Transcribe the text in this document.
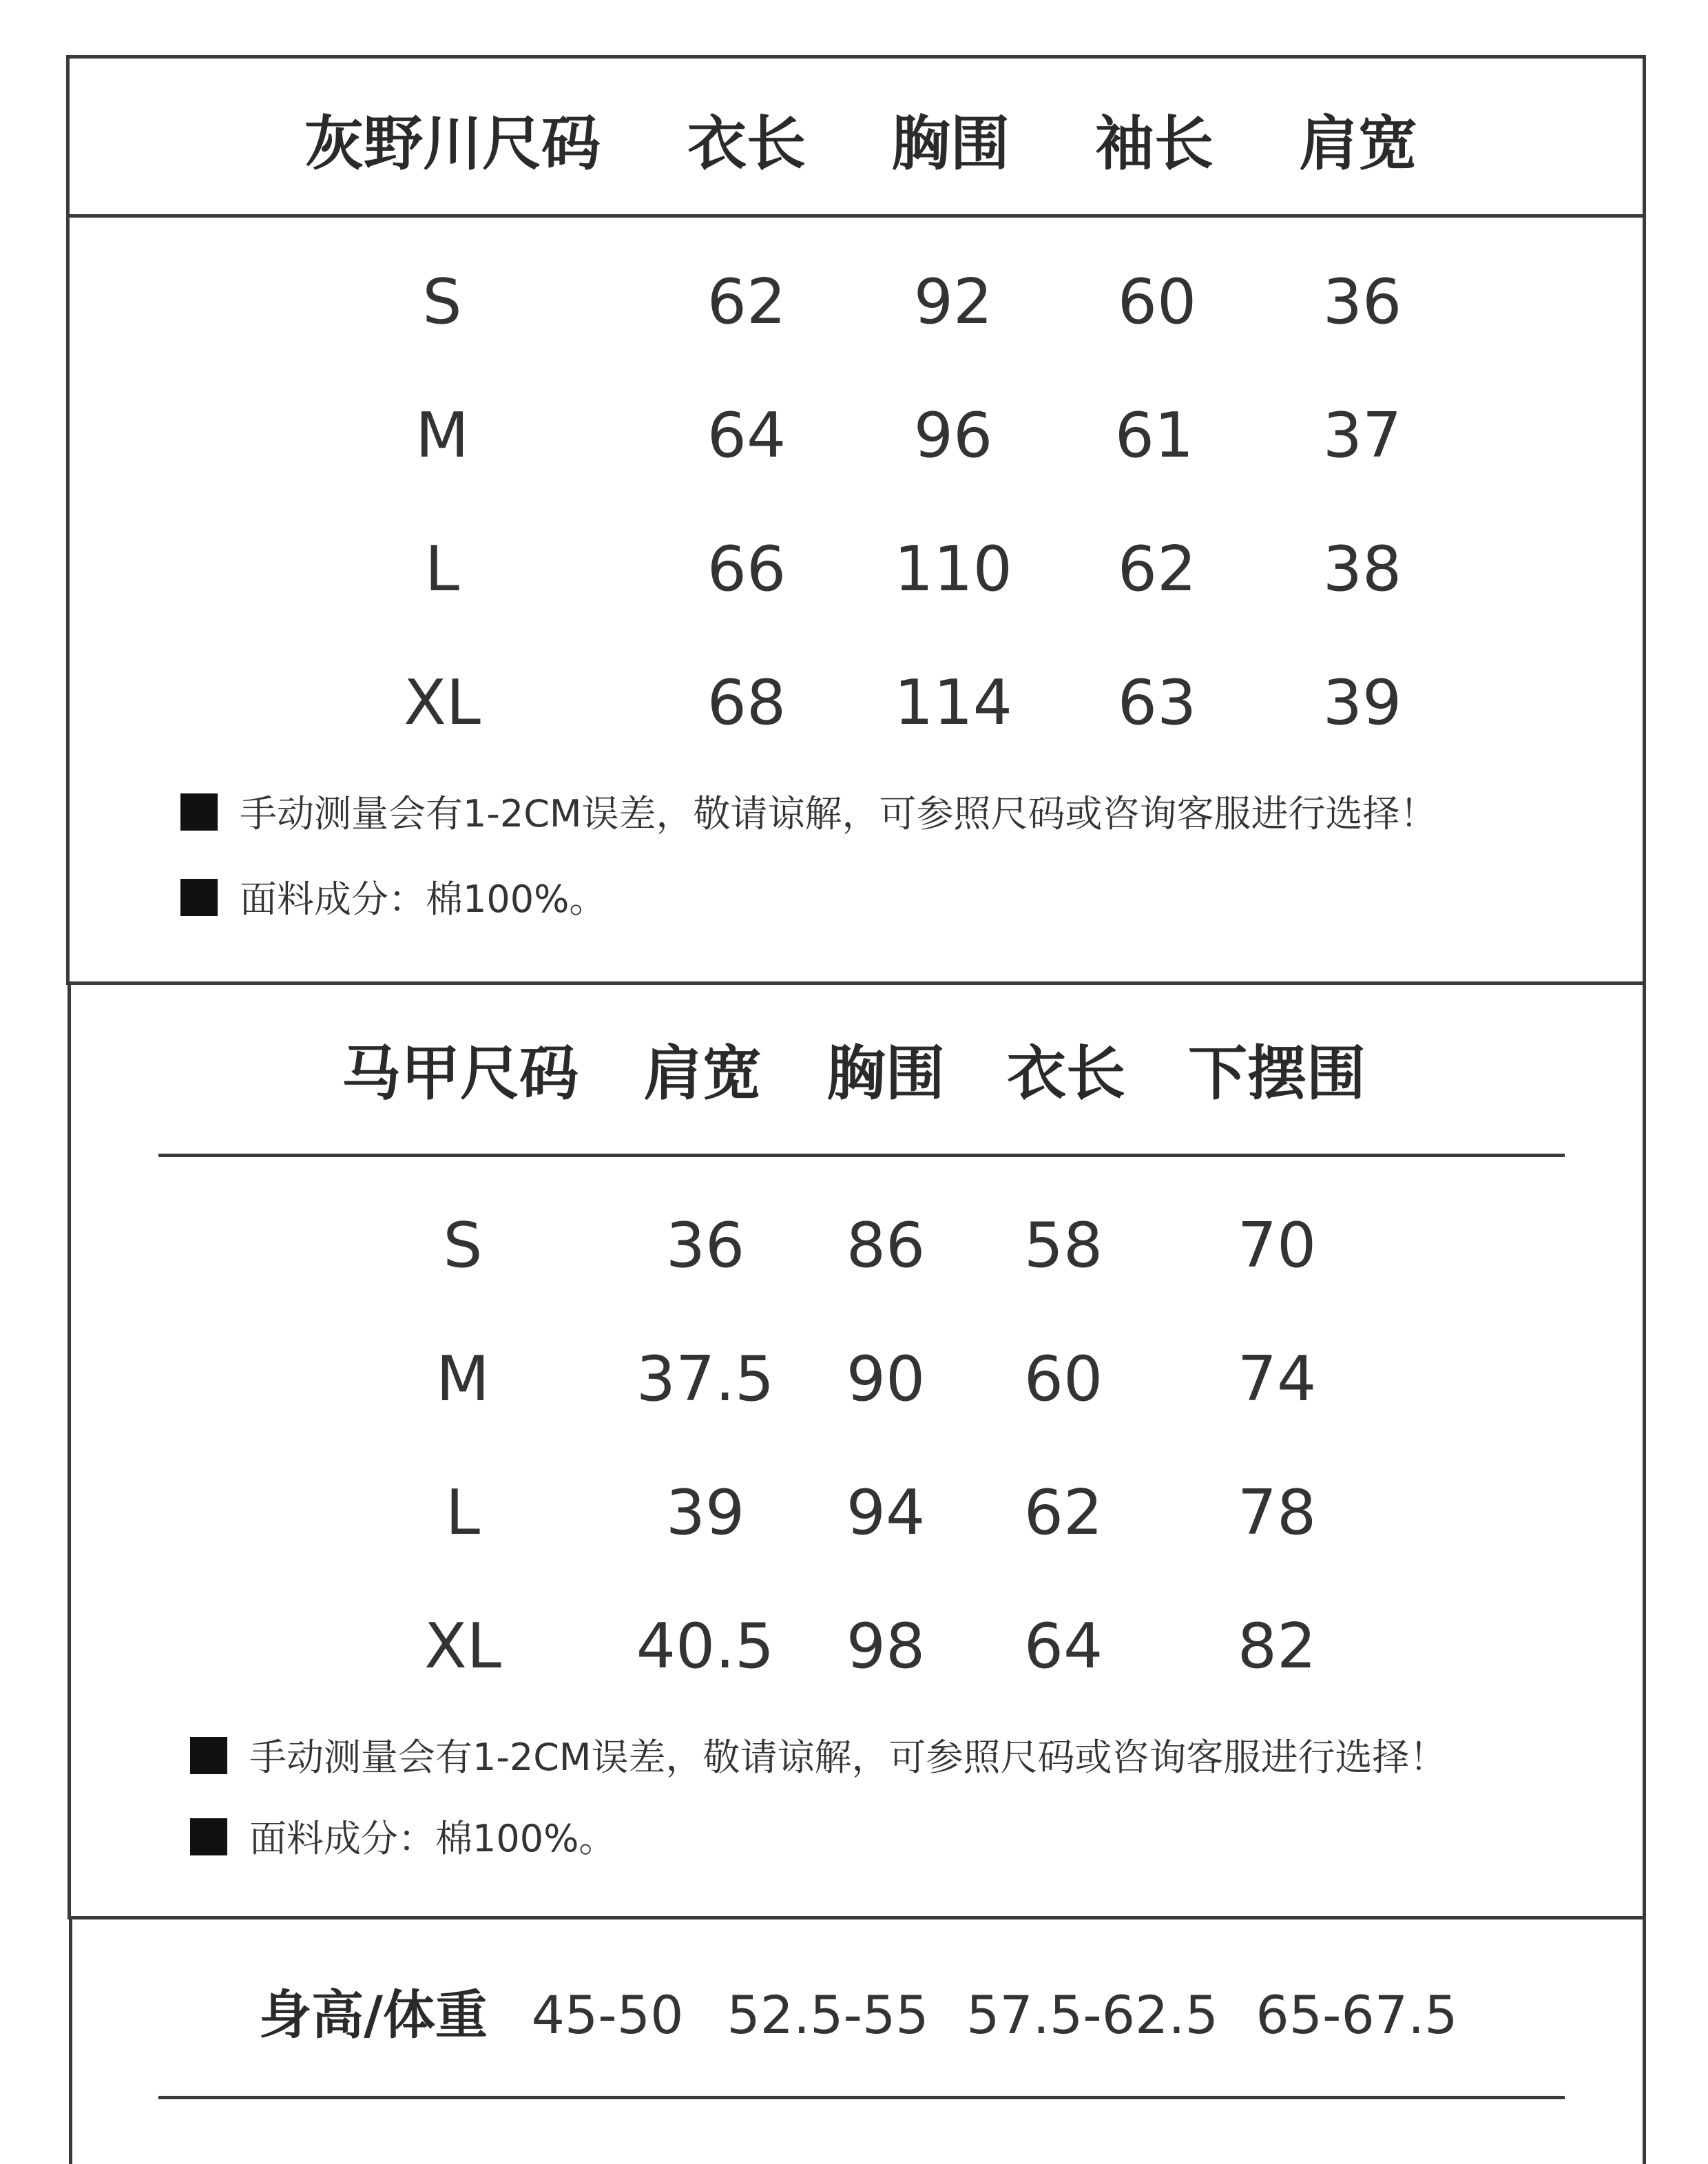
灰野川尺码	衣长	胸围	袖长	肩宽
S	62	92	60	36
M	64	96	61	37
L	66	110	62	38
XL	68	114	63	39
手动测量会有1-2CM误差，敬请谅解，可参照尺码或咨询客服进行选择！
面料成分：棉100%。
马甲尺码	肩宽	胸围	衣长	下摆围
S	36	86	58	70
M	37.5	90	60	74
L	39	94	62	78
XL	40.5	98	64	82
手动测量会有1-2CM误差，敬请谅解，可参照尺码或咨询客服进行选择！
面料成分：棉100%。
身高/体重 45-50 52.5-55 57.5-62.5 65-67.5
